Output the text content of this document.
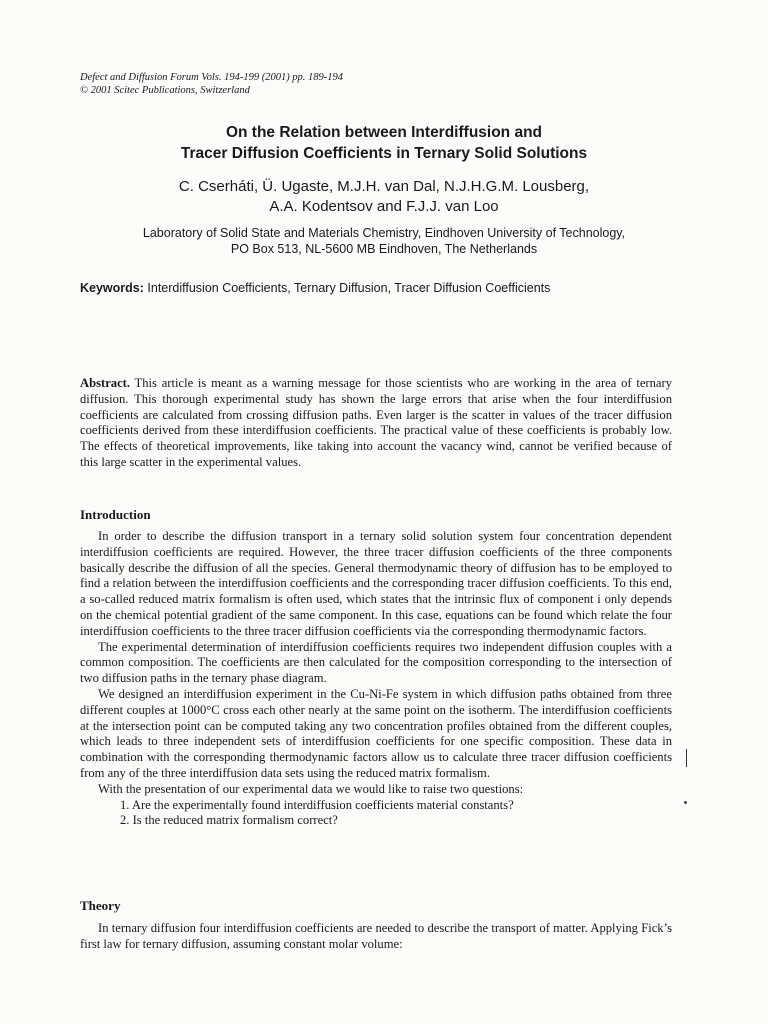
Defect and Diffusion Forum Vols. 194-199 (2001) pp. 189-194
© 2001 Scitec Publications, Switzerland
On the Relation between Interdiffusion and
Tracer Diffusion Coefficients in Ternary Solid Solutions
C. Cserháti, Ü. Ugaste, M.J.H. van Dal, N.J.H.G.M. Lousberg,
A.A. Kodentsov and F.J.J. van Loo
Laboratory of Solid State and Materials Chemistry, Eindhoven University of Technology,
PO Box 513, NL-5600 MB Eindhoven, The Netherlands
Keywords: Interdiffusion Coefficients, Ternary Diffusion, Tracer Diffusion Coefficients
Abstract. This article is meant as a warning message for those scientists who are working in the area of ternary diffusion. This thorough experimental study has shown the large errors that arise when the four interdiffusion coefficients are calculated from crossing diffusion paths. Even larger is the scatter in values of the tracer diffusion coefficients derived from these interdiffusion coefficients. The practical value of these coefficients is probably low. The effects of theoretical improvements, like taking into account the vacancy wind, cannot be verified because of this large scatter in the experimental values.
Introduction

In order to describe the diffusion transport in a ternary solid solution system four concentration dependent interdiffusion coefficients are required. However, the three tracer diffusion coefficients of the three components basically describe the diffusion of all the species. General thermodynamic theory of diffusion has to be employed to find a relation between the interdiffusion coefficients and the corresponding tracer diffusion coefficients. To this end, a so-called reduced matrix formalism is often used, which states that the intrinsic flux of component i only depends on the chemical potential gradient of the same component. In this case, equations can be found which relate the four interdiffusion coefficients to the three tracer diffusion coefficients via the corresponding thermodynamic factors.

The experimental determination of interdiffusion coefficients requires two independent diffusion couples with a common composition. The coefficients are then calculated for the composition corresponding to the intersection of two diffusion paths in the ternary phase diagram.

We designed an interdiffusion experiment in the Cu-Ni-Fe system in which diffusion paths obtained from three different couples at 1000°C cross each other nearly at the same point on the isotherm. The interdiffusion coefficients at the intersection point can be computed taking any two concentration profiles obtained from the different couples, which leads to three independent sets of interdiffusion coefficients for one specific composition. These data in combination with the corresponding thermodynamic factors allow us to calculate three tracer diffusion coefficients from any of the three interdiffusion data sets using the reduced matrix formalism.

With the presentation of our experimental data we would like to raise two questions:

1. Are the experimentally found interdiffusion coefficients material constants?
2. Is the reduced matrix formalism correct?
Theory

In ternary diffusion four interdiffusion coefficients are needed to describe the transport of matter. Applying Fick’s first law for ternary diffusion, assuming constant molar volume:
